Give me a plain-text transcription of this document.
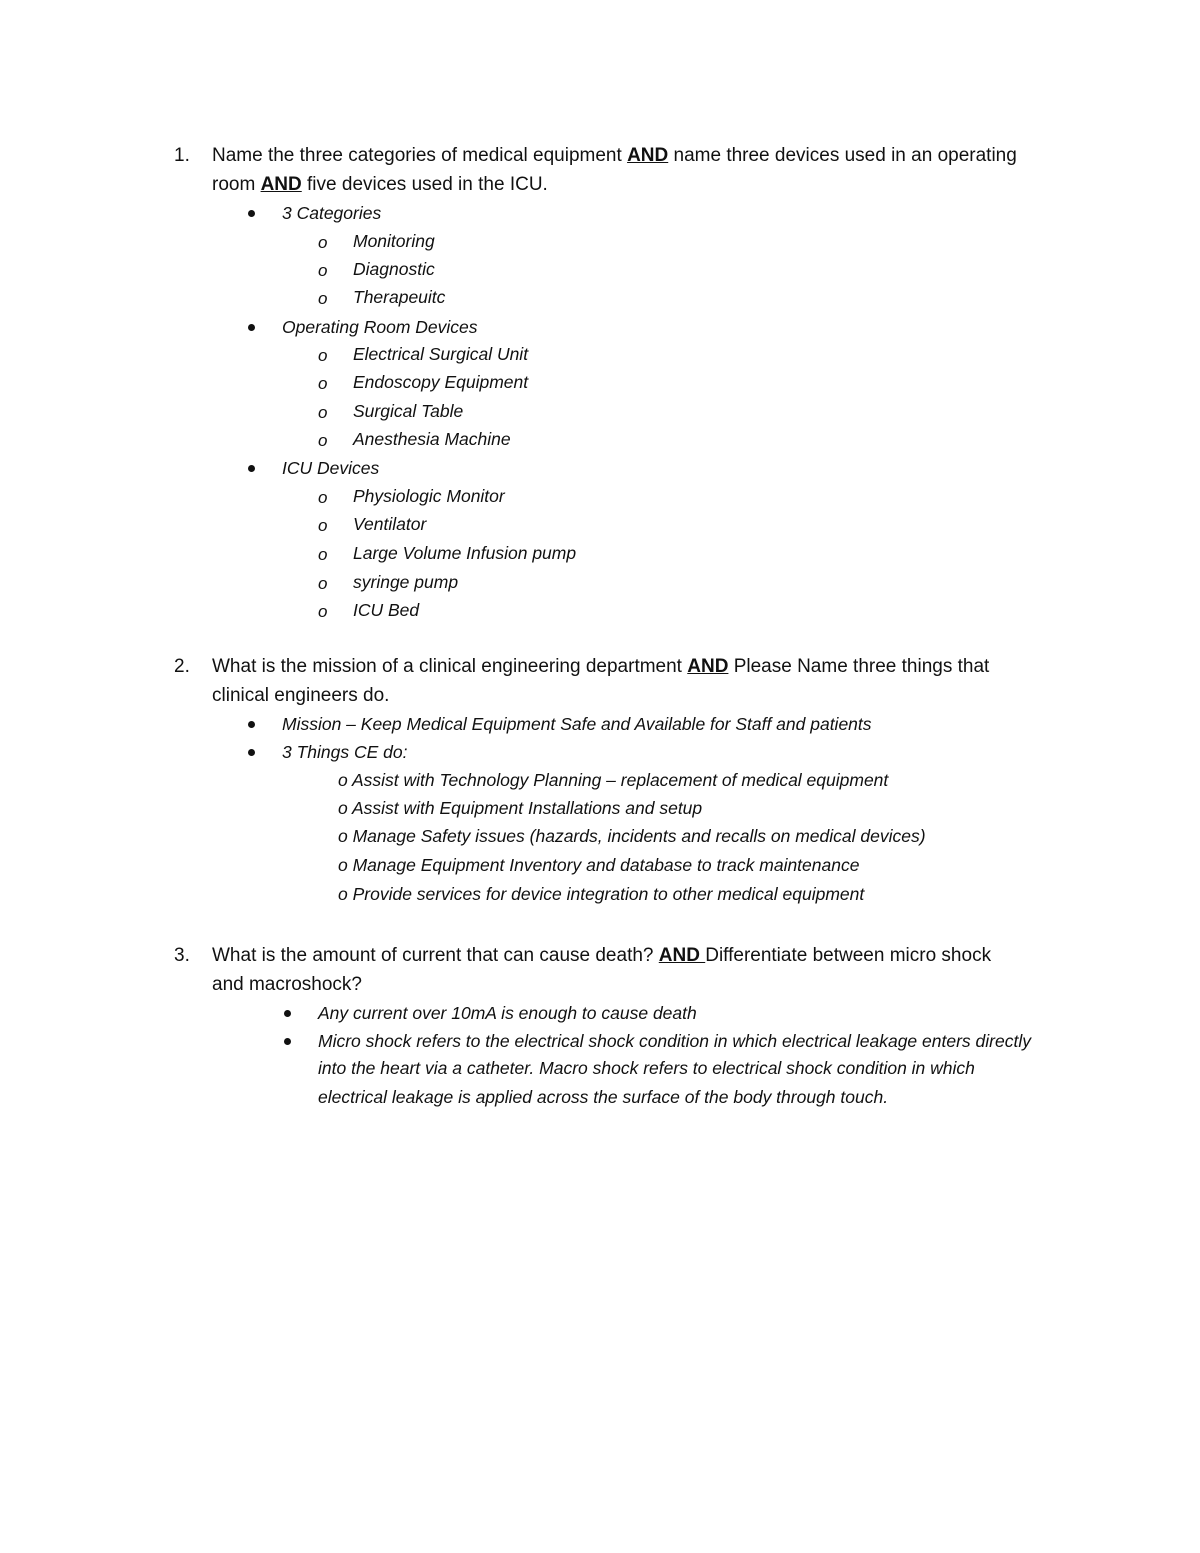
1. Name the three categories of medical equipment AND name three devices used in an operating
room AND five devices used in the ICU.
3 Categories
o Monitoring
o Diagnostic
o Therapeuitc
Operating Room Devices
o Electrical Surgical Unit
o Endoscopy Equipment
o Surgical Table
o Anesthesia Machine
ICU Devices
o Physiologic Monitor
o Ventilator
o Large Volume Infusion pump
o syringe pump
o ICU Bed
2. What is the mission of a clinical engineering department AND Please Name three things that
clinical engineers do.
Mission – Keep Medical Equipment Safe and Available for Staff and patients
3 Things CE do:
o Assist with Technology Planning – replacement of medical equipment
o Assist with Equipment Installations and setup
o Manage Safety issues (hazards, incidents and recalls on medical devices)
o Manage Equipment Inventory and database to track maintenance
o Provide services for device integration to other medical equipment
3. What is the amount of current that can cause death? AND Differentiate between micro shock
and macroshock?
Any current over 10mA is enough to cause death
Micro shock refers to the electrical shock condition in which electrical leakage enters directly
into the heart via a catheter. Macro shock refers to electrical shock condition in which
electrical leakage is applied across the surface of the body through touch.
